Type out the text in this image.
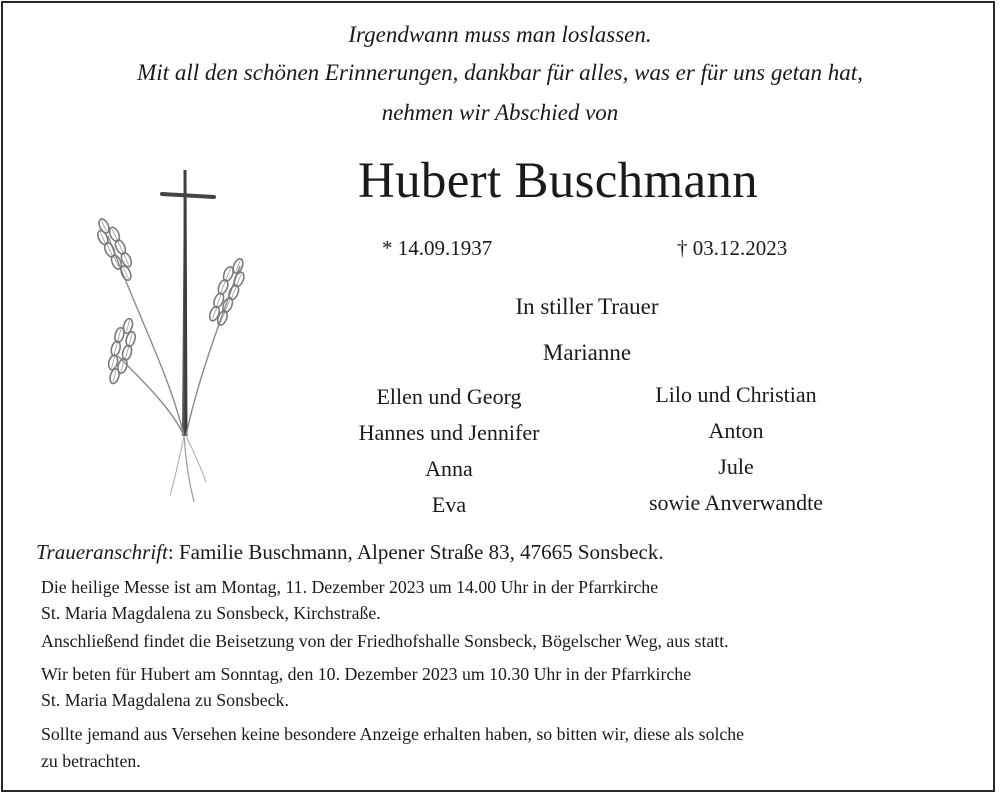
Irgendwann muss man loslassen.
Mit all den schönen Erinnerungen, dankbar für alles, was er für uns getan hat,
nehmen wir Abschied von
Hubert Buschmann
* 14.09.1937	† 03.12.2023
In stiller Trauer
Marianne
Ellen und Georg
Hannes und Jennifer
Anna
Eva
Lilo und Christian
Anton
Jule
sowie Anverwandte
Traueranschrift: Familie Buschmann, Alpener Straße 83, 47665 Sonsbeck.
Die heilige Messe ist am Montag, 11. Dezember 2023 um 14.00 Uhr in der Pfarrkirche
St. Maria Magdalena zu Sonsbeck, Kirchstraße.
Anschließend findet die Beisetzung von der Friedhofshalle Sonsbeck, Bögelscher Weg, aus statt.
Wir beten für Hubert am Sonntag, den 10. Dezember 2023 um 10.30 Uhr in der Pfarrkirche
St. Maria Magdalena zu Sonsbeck.
Sollte jemand aus Versehen keine besondere Anzeige erhalten haben, so bitten wir, diese als solche
zu betrachten.
